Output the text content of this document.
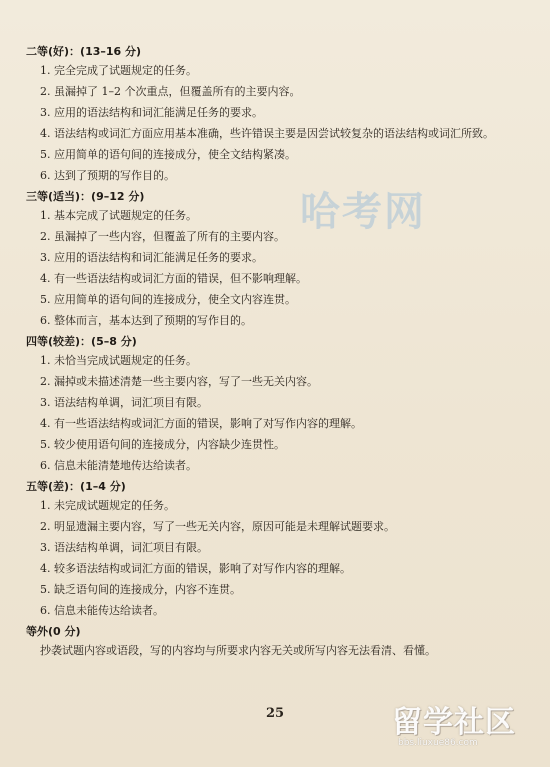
哈考网
二等(好)：(13–16 分)
1. 完全完成了试题规定的任务。
2. 虽漏掉了 1–2 个次重点，但覆盖所有的主要内容。
3. 应用的语法结构和词汇能满足任务的要求。
4. 语法结构或词汇方面应用基本准确，些许错误主要是因尝试较复杂的语法结构或词汇所致。
5. 应用简单的语句间的连接成分，使全文结构紧凑。
6. 达到了预期的写作目的。
三等(适当)：(9–12 分)
1. 基本完成了试题规定的任务。
2. 虽漏掉了一些内容，但覆盖了所有的主要内容。
3. 应用的语法结构和词汇能满足任务的要求。
4. 有一些语法结构或词汇方面的错误，但不影响理解。
5. 应用简单的语句间的连接成分，使全文内容连贯。
6. 整体而言，基本达到了预期的写作目的。
四等(较差)：(5–8 分)
1. 未恰当完成试题规定的任务。
2. 漏掉或未描述清楚一些主要内容，写了一些无关内容。
3. 语法结构单调，词汇项目有限。
4. 有一些语法结构或词汇方面的错误，影响了对写作内容的理解。
5. 较少使用语句间的连接成分，内容缺少连贯性。
6. 信息未能清楚地传达给读者。
五等(差)：(1–4 分)
1. 未完成试题规定的任务。
2. 明显遗漏主要内容，写了一些无关内容，原因可能是未理解试题要求。
3. 语法结构单调，词汇项目有限。
4. 较多语法结构或词汇方面的错误，影响了对写作内容的理解。
5. 缺乏语句间的连接成分，内容不连贯。
6. 信息未能传达给读者。
等外(0 分)
抄袭试题内容或语段，写的内容均与所要求内容无关或所写内容无法看清、看懂。
25	留学社区
bbs.liuxue86.com
